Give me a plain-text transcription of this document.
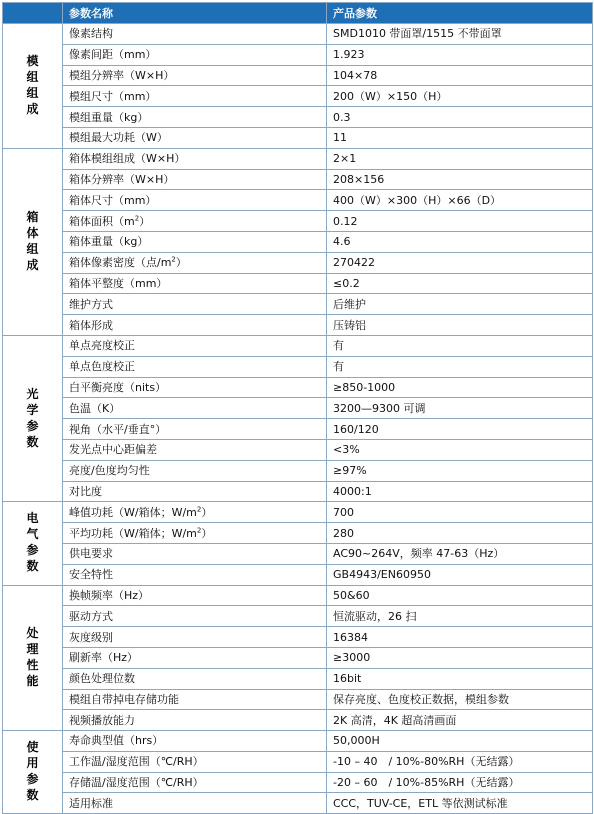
	参数名称	产品参数
模组组成	像素结构	SMD1010 带面罩/1515 不带面罩
	像素间距（mm）	1.923
	模组分辨率（W×H）	104×78
	模组尺寸（mm）	200（W）×150（H）
	模组重量（kg）	0.3
	模组最大功耗（W）	11
箱体组成	箱体模组组成（W×H）	2×1
	箱体分辨率（W×H）	208×156
	箱体尺寸（mm）	400（W）×300（H）×66（D）
	箱体面积$(m^2)$	0.12
	箱体重量（kg）	4.6
	箱体像素密度（点$/m^2$）	270422
	箱体平整度（mm）	≤0.2
	维护方式	后维护
	箱体形成	压铸铝
光学参数	单点亮度校正	有
	单点色度校正	有
	白平衡亮度（nits）	≥850-1000
	色温（K）	3200—9300 可调
	视角（水平/垂直°）	160/120
	发光点中心距偏差	<3%
	亮度/色度均匀性	≥97%
	对比度	4000:1
电气参数	峰值功耗（W/箱体；$W/m^2$）	700
	平均功耗（W/箱体；$W/m^2$）	280
	供电要求	AC90~264V，频率 47-63（Hz）
	安全特性	GB4943/EN60950
处理性能	换帧频率（Hz）	50&60
	驱动方式	恒流驱动，26 扫
	灰度级别	16384
	刷新率（Hz）	≥3000
	颜色处理位数	16bit
	模组自带掉电存储功能	保存亮度、色度校正数据，模组参数
	视频播放能力	2K 高清，4K 超高清画面
使用参数	寿命典型值（hrs）	50,000H
	工作温/湿度范围（℃/RH）	-10 – 40　/ 10%-80%RH（无结露）
	存储温/湿度范围（℃/RH）	-20 – 60　/ 10%-85%RH（无结露）
	适用标准	CCC，TUV-CE，ETL 等依测试标准
